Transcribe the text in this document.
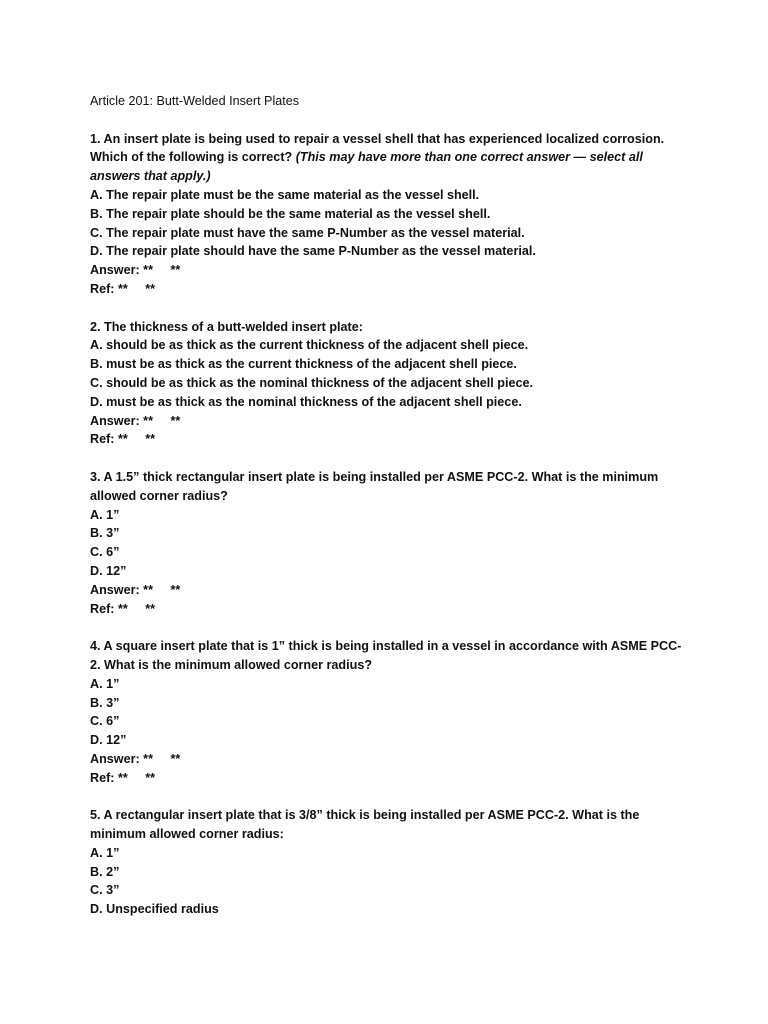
Article 201: Butt-Welded Insert Plates
1. An insert plate is being used to repair a vessel shell that has experienced localized corrosion. Which of the following is correct? (This may have more than one correct answer — select all answers that apply.)
A. The repair plate must be the same material as the vessel shell.
B. The repair plate should be the same material as the vessel shell.
C. The repair plate must have the same P-Number as the vessel material.
D. The repair plate should have the same P-Number as the vessel material.
Answer: **     **
Ref: **     **
2. The thickness of a butt-welded insert plate:
A. should be as thick as the current thickness of the adjacent shell piece.
B. must be as thick as the current thickness of the adjacent shell piece.
C. should be as thick as the nominal thickness of the adjacent shell piece.
D. must be as thick as the nominal thickness of the adjacent shell piece.
Answer: **     **
Ref: **     **
3. A 1.5” thick rectangular insert plate is being installed per ASME PCC-2. What is the minimum allowed corner radius?
A. 1”
B. 3”
C. 6”
D. 12”
Answer: **     **
Ref: **     **
4. A square insert plate that is 1” thick is being installed in a vessel in accordance with ASME PCC-2. What is the minimum allowed corner radius?
A. 1”
B. 3”
C. 6”
D. 12”
Answer: **     **
Ref: **     **
5. A rectangular insert plate that is 3/8” thick is being installed per ASME PCC-2. What is the minimum allowed corner radius:
A. 1”
B. 2”
C. 3”
D. Unspecified radius
